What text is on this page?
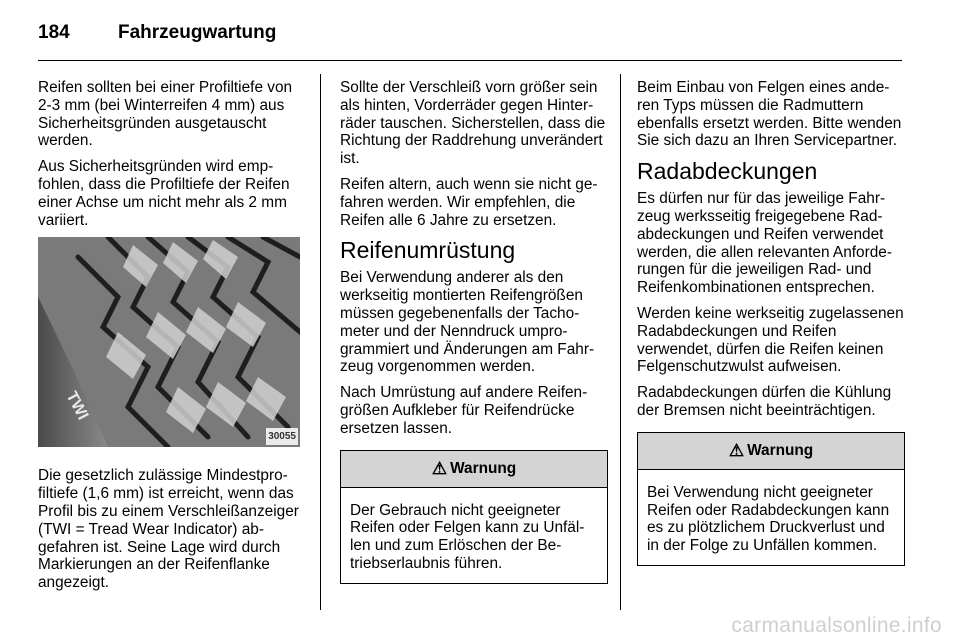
184	Fahrzeugwartung

Reifen sollten bei einer Profiltiefe von 2-3 mm (bei Winterreifen 4 mm) aus Sicherheitsgründen ausgetauscht werden.

Aus Sicherheitsgründen wird empfohlen, dass die Profiltiefe der Reifen einer Achse um nicht mehr als 2 mm variiert.

TWI
30055

Die gesetzlich zulässige Mindestprofiltiefe (1,6 mm) ist erreicht, wenn das Profil bis zu einem Verschleißanzeiger (TWI = Tread Wear Indicator) abgefahren ist. Seine Lage wird durch Markierungen an der Reifenflanke angezeigt.

Sollte der Verschleiß vorn größer sein als hinten, Vorderräder gegen Hinterräder tauschen. Sicherstellen, dass die Richtung der Raddrehung unverändert ist.

Reifen altern, auch wenn sie nicht gefahren werden. Wir empfehlen, die Reifen alle 6 Jahre zu ersetzen.

Reifenumrüstung

Bei Verwendung anderer als den werkseitig montierten Reifengrößen müssen gegebenenfalls der Tachometer und der Nenndruck umprogrammiert und Änderungen am Fahrzeug vorgenommen werden.

Nach Umrüstung auf andere Reifengrößen Aufkleber für Reifendrücke ersetzen lassen.

⚠ Warnung
Der Gebrauch nicht geeigneter Reifen oder Felgen kann zu Unfällen und zum Erlöschen der Betriebserlaubnis führen.

Beim Einbau von Felgen eines anderen Typs müssen die Radmuttern ebenfalls ersetzt werden. Bitte wenden Sie sich dazu an Ihren Servicepartner.

Radabdeckungen

Es dürfen nur für das jeweilige Fahrzeug werksseitig freigegebene Radabdeckungen und Reifen verwendet werden, die allen relevanten Anforderungen für die jeweiligen Rad- und Reifenkombinationen entsprechen.

Werden keine werkseitig zugelassenen Radabdeckungen und Reifen verwendet, dürfen die Reifen keinen Felgenschutzwulst aufweisen.

Radabdeckungen dürfen die Kühlung der Bremsen nicht beeinträchtigen.

⚠ Warnung
Bei Verwendung nicht geeigneter Reifen oder Radabdeckungen kann es zu plötzlichem Druckverlust und in der Folge zu Unfällen kommen.
carmanualsonline.info
